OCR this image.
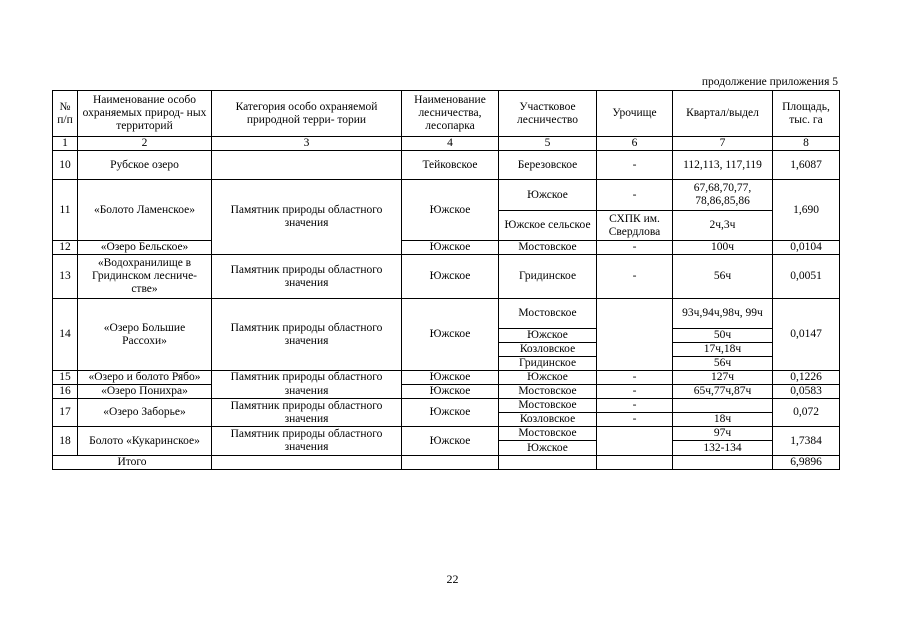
продолжение приложения 5
№ п/п	Наименование особо охраняемых природ- ных территорий	Категория особо охраняемой природной терри- тории	Наименование лесничества, лесопарка	Участковое лесничество	Урочище	Квартал/выдел	Площадь, тыс. га
1	2	3	4	5	6	7	8
10	Рубское озеро		Тейковское	Березовское	-	112,113, 117,119	1,6087
11	«Болото Ламенское»	Памятник природы областного значения	Южское	Южское	-	67,68,70,77, 78,86,85,86	1,690
				Южское сельское	СХПК им. Свердлова	2ч,3ч	
12	«Озеро Бельское»		Южское	Мостовское	-	100ч	0,0104
13	«Водохранилище в Гридинском лесниче- стве»	Памятник природы областного значения	Южское	Гридинское	-	56ч	0,0051
14	«Озеро Большие Рассохи»	Памятник природы областного значения	Южское	Мостовское		93ч,94ч,98ч, 99ч	0,0147
				Южское		50ч	
				Козловское		17ч,18ч	
				Гридинское		56ч	
15	«Озеро и болото Рябо»	Памятник природы областного	Южское	Южское	-	127ч	0,1226
16	«Озеро Понихра»	значения	Южское	Мостовское	-	65ч,77ч,87ч	0,0583
17	«Озеро Заборье»	Памятник природы областного значения	Южское	Мостовское	-		0,072
				Козловское	-	18ч	
18	Болото «Кукаринское»	Памятник природы областного значения	Южское	Мостовское		97ч	1,7384
				Южское		132-134	
Итого							6,9896
22
